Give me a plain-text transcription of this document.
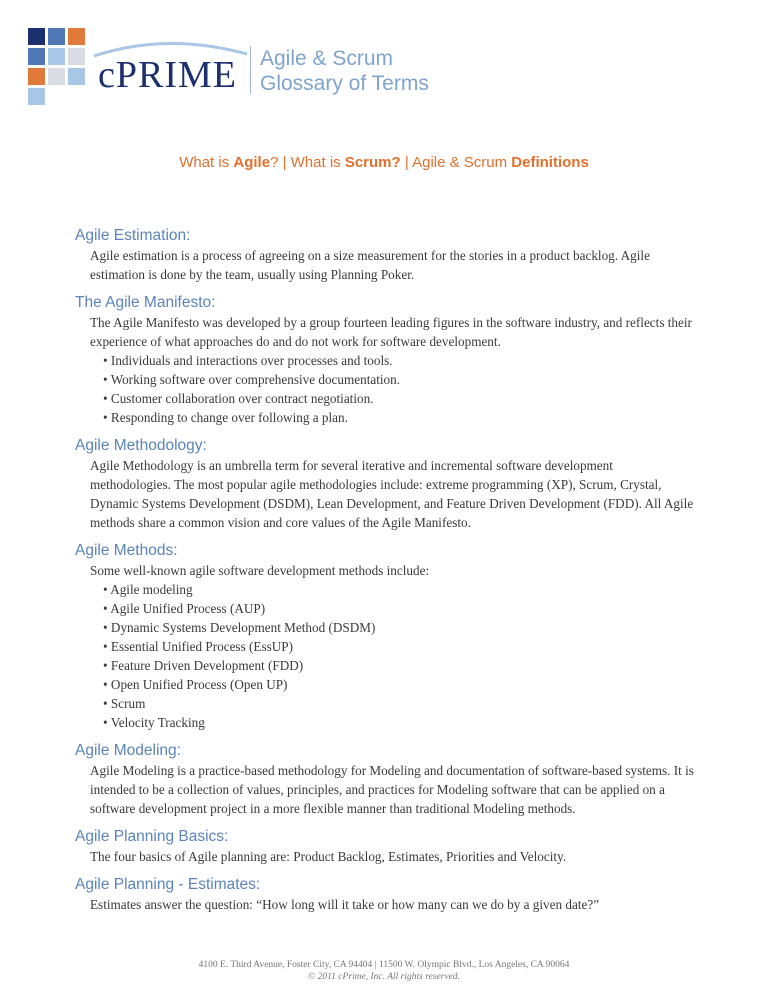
cPRIME Agile & Scrum
Glossary of Terms
What is Agile? | What is Scrum? | Agile & Scrum Definitions

Agile Estimation:

Agile estimation is a process of agreeing on a size measurement for the stories in a product backlog. Agile estimation is done by the team, usually using Planning Poker.

The Agile Manifesto:

The Agile Manifesto was developed by a group fourteen leading figures in the software industry, and reflects their experience of what approaches do and do not work for software development.

• Individuals and interactions over processes and tools.
• Working software over comprehensive documentation.
• Customer collaboration over contract negotiation.
• Responding to change over following a plan.

Agile Methodology:

Agile Methodology is an umbrella term for several iterative and incremental software development methodologies. The most popular agile methodologies include: extreme programming (XP), Scrum, Crystal, Dynamic Systems Development (DSDM), Lean Development, and Feature Driven Development (FDD). All Agile methods share a common vision and core values of the Agile Manifesto.

Agile Methods:

Some well-known agile software development methods include:

• Agile modeling
• Agile Unified Process (AUP)
• Dynamic Systems Development Method (DSDM)
• Essential Unified Process (EssUP)
• Feature Driven Development (FDD)
• Open Unified Process (Open UP)
• Scrum
• Velocity Tracking

Agile Modeling:

Agile Modeling is a practice-based methodology for Modeling and documentation of software-based systems. It is intended to be a collection of values, principles, and practices for Modeling software that can be applied on a software development project in a more flexible manner than traditional Modeling methods.

Agile Planning Basics:

The four basics of Agile planning are: Product Backlog, Estimates, Priorities and Velocity.

Agile Planning - Estimates:

Estimates answer the question: “How long will it take or how many can we do by a given date?”

4100 E. Third Avenue, Foster City, CA 94404 | 11500 W. Olympic Blvd., Los Angeles, CA 90064
© 2011 cPrime, Inc. All rights reserved.
